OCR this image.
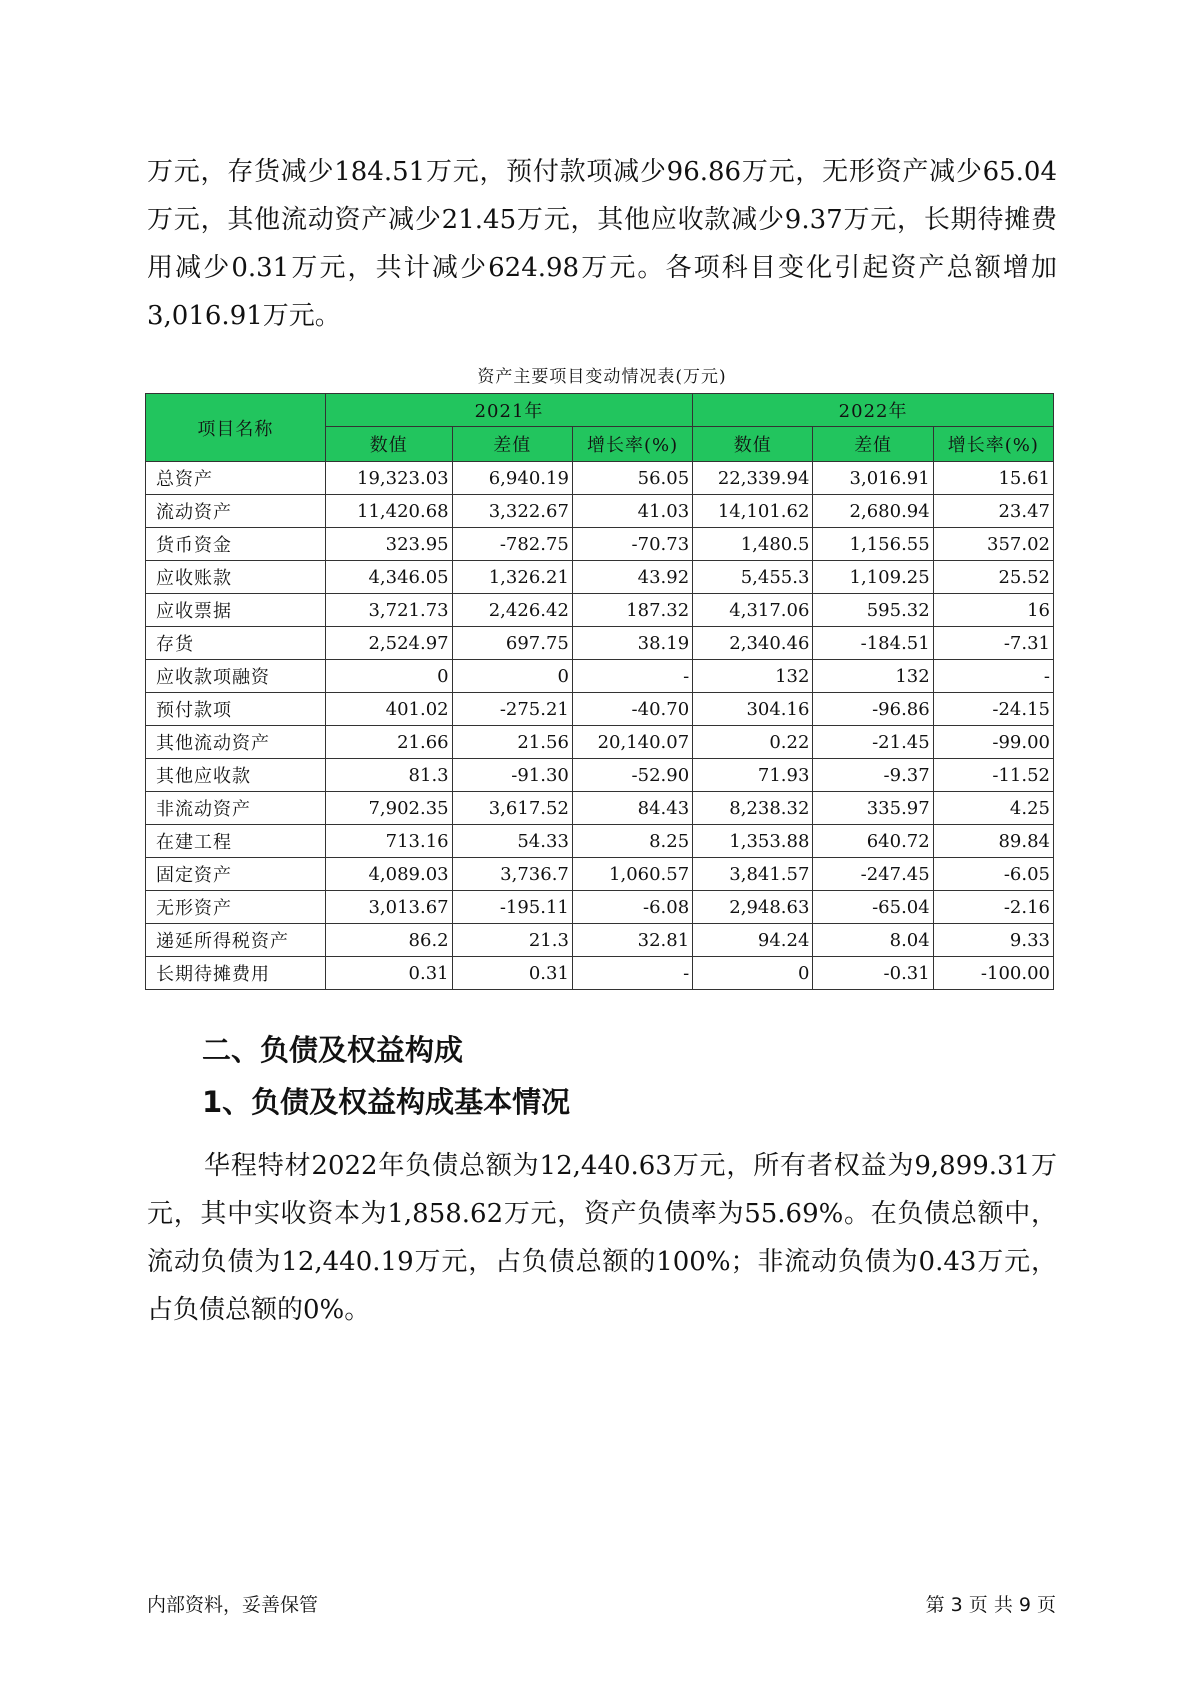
万元，存货减少184.51万元，预付款项减少96.86万元，无形资产减少65.04万元，其他流动资产减少21.45万元，其他应收款减少9.37万元，长期待摊费用减少0.31万元，共计减少624.98万元。各项科目变化引起资产总额增加3,016.91万元。

资产主要项目变动情况表(万元)
项目名称	2021年			2022年		
	数值	差值	增长率(%)	数值	差值	增长率(%)
总资产	19,323.03	6,940.19	56.05	22,339.94	3,016.91	15.61
流动资产	11,420.68	3,322.67	41.03	14,101.62	2,680.94	23.47
货币资金	323.95	-782.75	-70.73	1,480.5	1,156.55	357.02
应收账款	4,346.05	1,326.21	43.92	5,455.3	1,109.25	25.52
应收票据	3,721.73	2,426.42	187.32	4,317.06	595.32	16
存货	2,524.97	697.75	38.19	2,340.46	-184.51	-7.31
应收款项融资	0	0	-	132	132	-
预付款项	401.02	-275.21	-40.70	304.16	-96.86	-24.15
其他流动资产	21.66	21.56	20,140.07	0.22	-21.45	-99.00
其他应收款	81.3	-91.30	-52.90	71.93	-9.37	-11.52
非流动资产	7,902.35	3,617.52	84.43	8,238.32	335.97	4.25
在建工程	713.16	54.33	8.25	1,353.88	640.72	89.84
固定资产	4,089.03	3,736.7	1,060.57	3,841.57	-247.45	-6.05
无形资产	3,013.67	-195.11	-6.08	2,948.63	-65.04	-2.16
递延所得税资产	86.2	21.3	32.81	94.24	8.04	9.33
长期待摊费用	0.31	0.31	-	0	-0.31	-100.00
二、负债及权益构成
1、负债及权益构成基本情况

华程特材2022年负债总额为12,440.63万元，所有者权益为9,899.31万元，其中实收资本为1,858.62万元，资产负债率为55.69%。在负债总额中，流动负债为12,440.19万元，占负债总额的100%；非流动负债为0.43万元，占负债总额的0%。

内部资料，妥善保管	第 3 页 共 9 页
